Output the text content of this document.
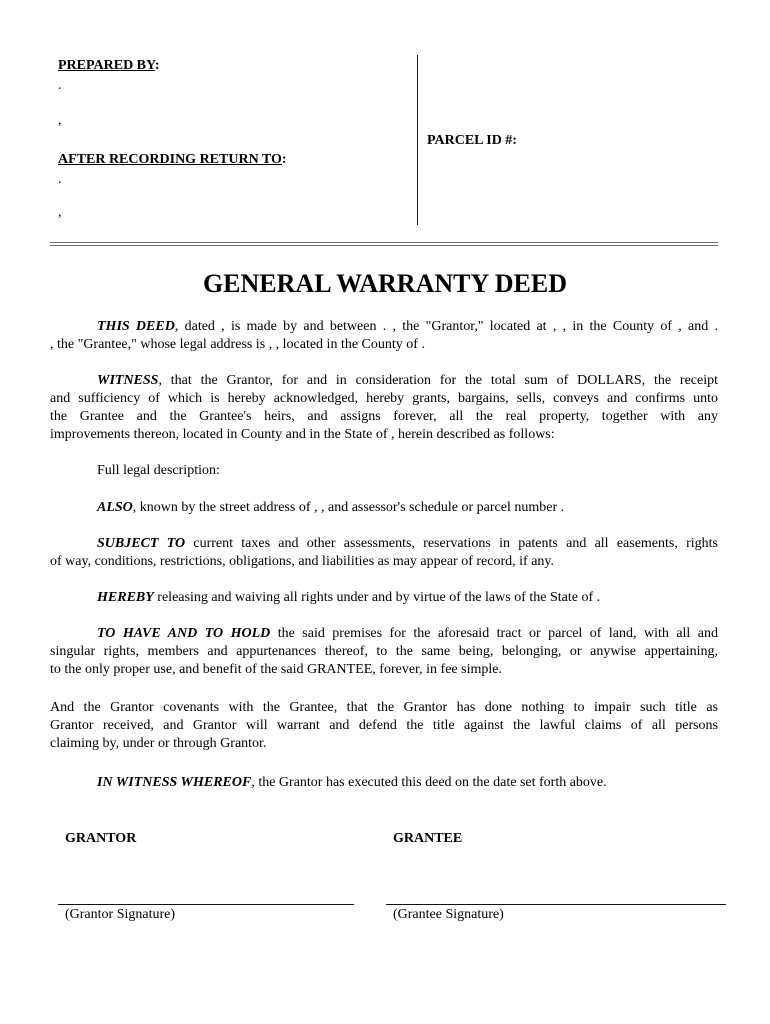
PREPARED BY:
.
,
AFTER RECORDING RETURN TO:
.
,
PARCEL ID #:
GENERAL WARRANTY DEED
THIS DEED, dated , is made by and between . , the "Grantor," located at , , in the County of , and .
, the "Grantee," whose legal address is , , located in the County of .
WITNESS, that the Grantor, for and in consideration for the total sum of DOLLARS, the receipt
and sufficiency of which is hereby acknowledged, hereby grants, bargains, sells, conveys and confirms unto
the Grantee and the Grantee's heirs, and assigns forever, all the real property, together with any
improvements thereon, located in County and in the State of , herein described as follows:
Full legal description:
ALSO, known by the street address of , , and assessor's schedule or parcel number .
SUBJECT TO current taxes and other assessments, reservations in patents and all easements, rights
of way, conditions, restrictions, obligations, and liabilities as may appear of record, if any.
HEREBY releasing and waiving all rights under and by virtue of the laws of the State of .
TO HAVE AND TO HOLD the said premises for the aforesaid tract or parcel of land, with all and
singular rights, members and appurtenances thereof, to the same being, belonging, or anywise appertaining,
to the only proper use, and benefit of the said GRANTEE, forever, in fee simple.
And the Grantor covenants with the Grantee, that the Grantor has done nothing to impair such title as
Grantor received, and Grantor will warrant and defend the title against the lawful claims of all persons
claiming by, under or through Grantor.
IN WITNESS WHEREOF, the Grantor has executed this deed on the date set forth above.
GRANTOR	GRANTEE
(Grantor Signature)	(Grantee Signature)
